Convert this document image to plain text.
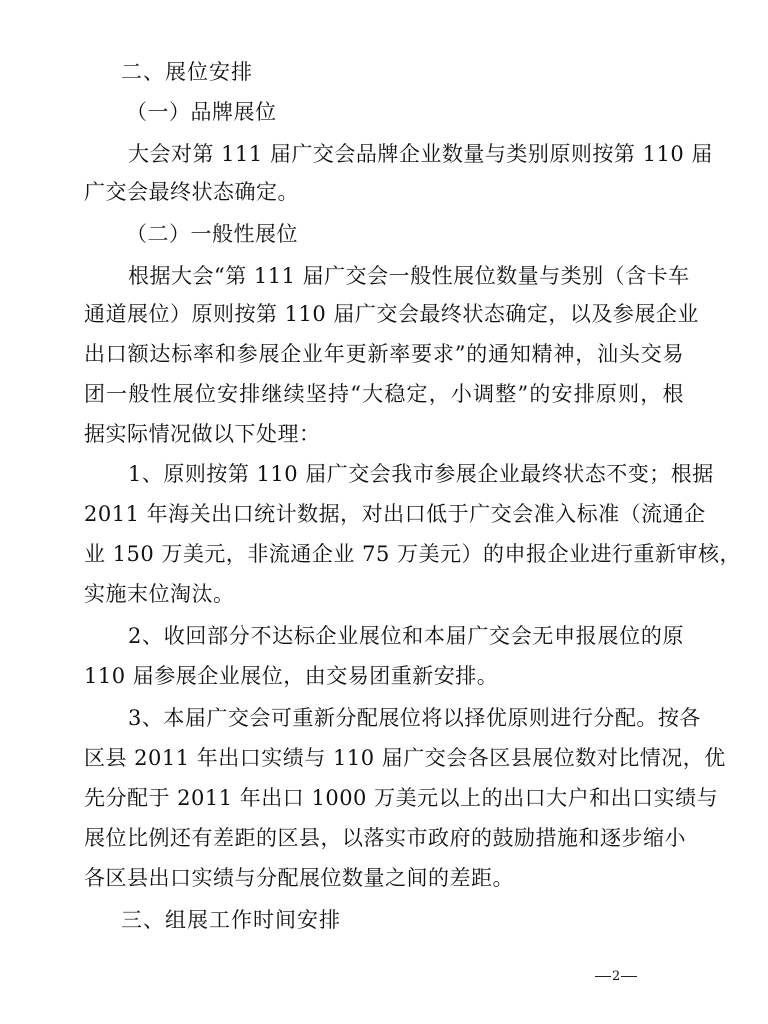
二、展位安排

（一）品牌展位

大会对第 111 届广交会品牌企业数量与类别原则按第 110 届

广交会最终状态确定。

（二）一般性展位

根据大会“第 111 届广交会一般性展位数量与类别（含卡车

通道展位）原则按第 110 届广交会最终状态确定，以及参展企业

出口额达标率和参展企业年更新率要求”的通知精神，汕头交易

团一般性展位安排继续坚持“大稳定，小调整”的安排原则，根

据实际情况做以下处理：

1、原则按第 110 届广交会我市参展企业最终状态不变；根据

2011 年海关出口统计数据，对出口低于广交会准入标准（流通企

业 150 万美元，非流通企业 75 万美元）的申报企业进行重新审核，

实施末位淘汰。

2、收回部分不达标企业展位和本届广交会无申报展位的原

110 届参展企业展位，由交易团重新安排。

3、本届广交会可重新分配展位将以择优原则进行分配。按各

区县 2011 年出口实绩与 110 届广交会各区县展位数对比情况，优

先分配于 2011 年出口 1000 万美元以上的出口大户和出口实绩与

展位比例还有差距的区县，以落实市政府的鼓励措施和逐步缩小

各区县出口实绩与分配展位数量之间的差距。

三、组展工作时间安排

2
